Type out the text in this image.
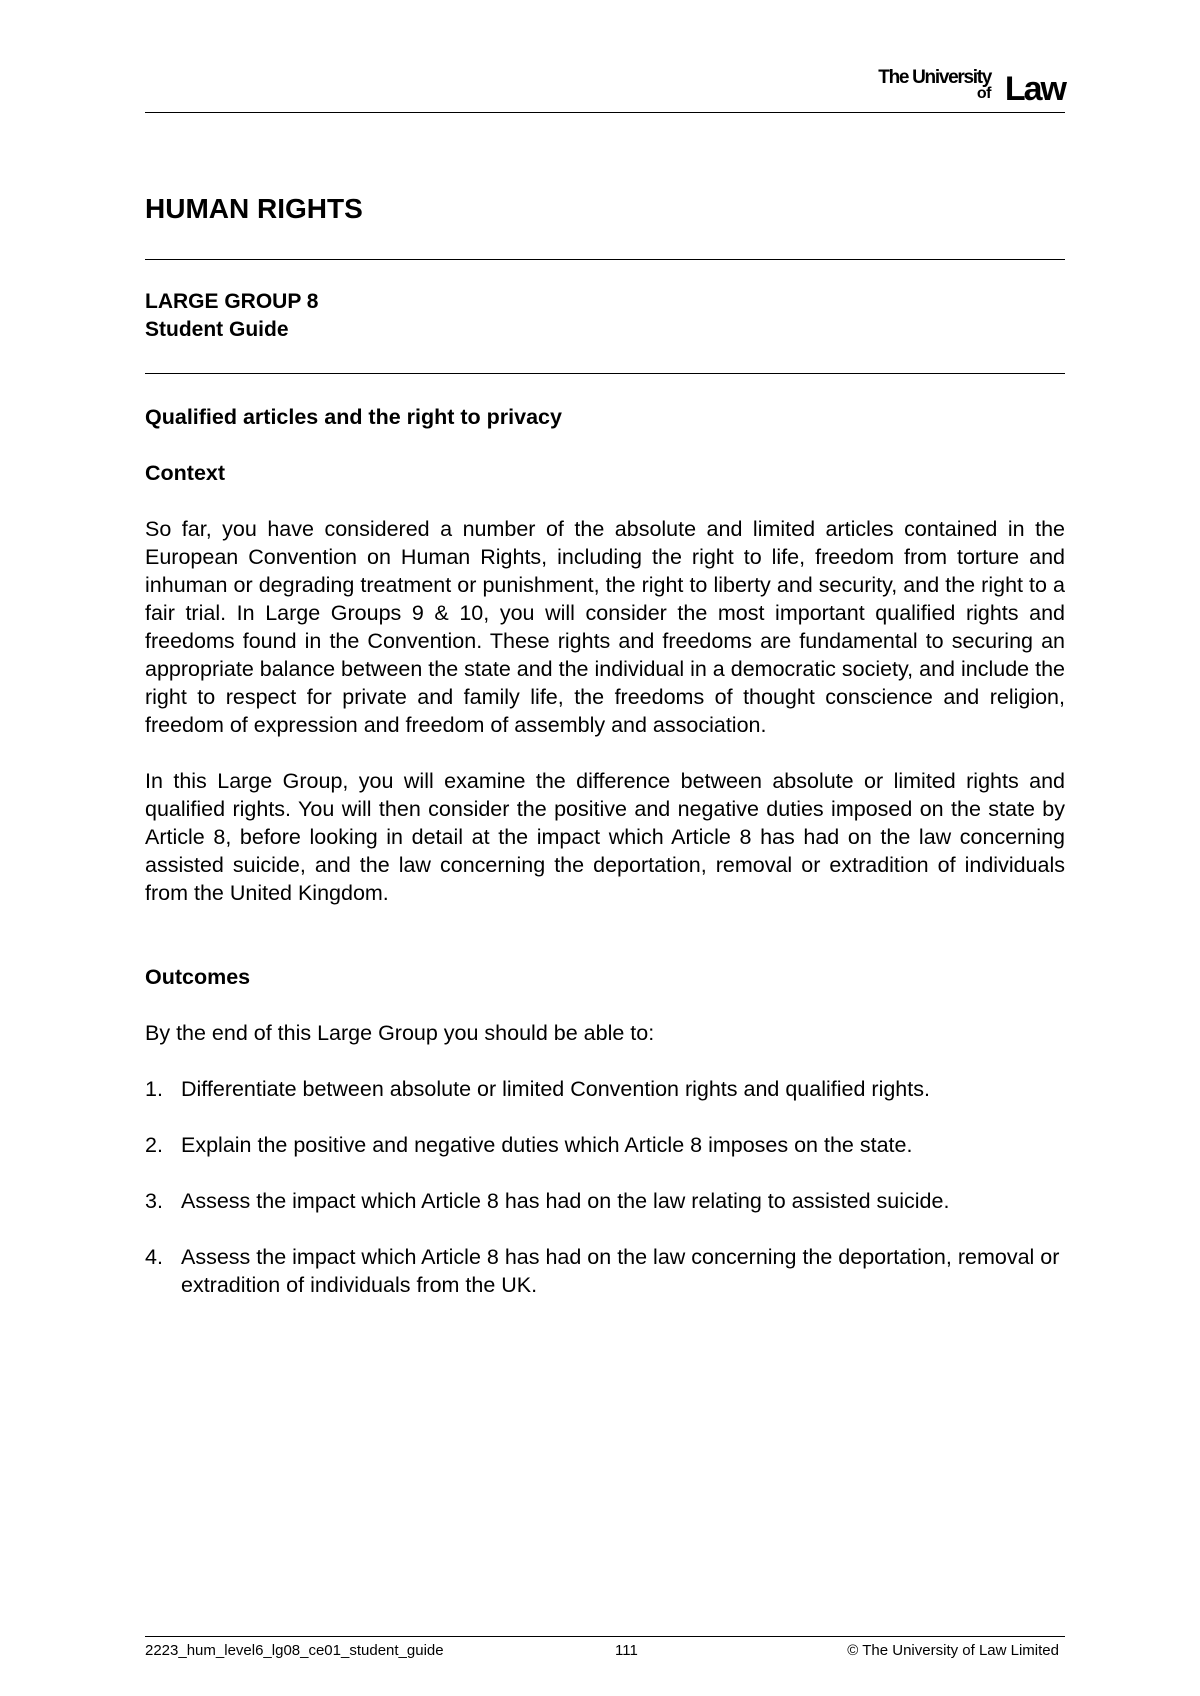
The University
of Law
HUMAN RIGHTS
LARGE GROUP 8
Student Guide
Qualified articles and the right to privacy
Context

So far, you have considered a number of the absolute and limited articles contained in the European Convention on Human Rights, including the right to life, freedom from torture and inhuman or degrading treatment or punishment, the right to liberty and security, and the right to a fair trial. In Large Groups 9 & 10, you will consider the most important qualified rights and freedoms found in the Convention. These rights and freedoms are fundamental to securing an appropriate balance between the state and the individual in a democratic society, and include the right to respect for private and family life, the freedoms of thought conscience and religion, freedom of expression and freedom of assembly and association.

In this Large Group, you will examine the difference between absolute or limited rights and qualified rights. You will then consider the positive and negative duties imposed on the state by Article 8, before looking in detail at the impact which Article 8 has had on the law concerning assisted suicide, and the law concerning the deportation, removal or extradition of individuals from the United Kingdom.

Outcomes

By the end of this Large Group you should be able to:

1. Differentiate between absolute or limited Convention rights and qualified rights.
2. Explain the positive and negative duties which Article 8 imposes on the state.
3. Assess the impact which Article 8 has had on the law relating to assisted suicide.
4. Assess the impact which Article 8 has had on the law concerning the deportation, removal or extradition of individuals from the UK.
2223_hum_level6_lg08_ce01_student_guide	111	© The University of Law Limited
